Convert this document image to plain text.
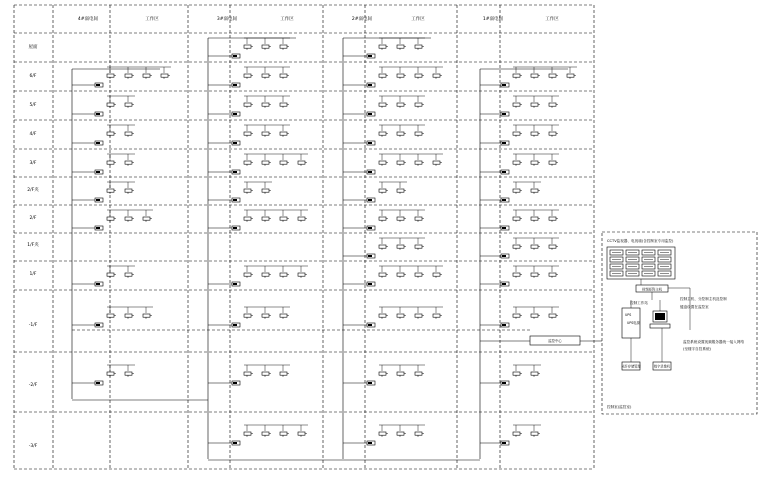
4#弱电间	工作区	3#弱电间	工作区	2#弱电间	工作区	1#弱电间	工作区
屋面
6/F
5/F
4/F
3/F
2/F夹
2/F
1/F夹
1/F
-1/F
-2/F
-3/F
CCTV监视器、电视墙(含控制室专用监控)
视频矩阵主机
控制主机、分控制主机及控制
键盘设置在监控室
控制工作站
UPS
UPS电源
监控系统设置视频服务器统一接入网络
(至楼宇自控系统)
光纤存储管理	数字录像机
控制室(监控室)
监控中心
